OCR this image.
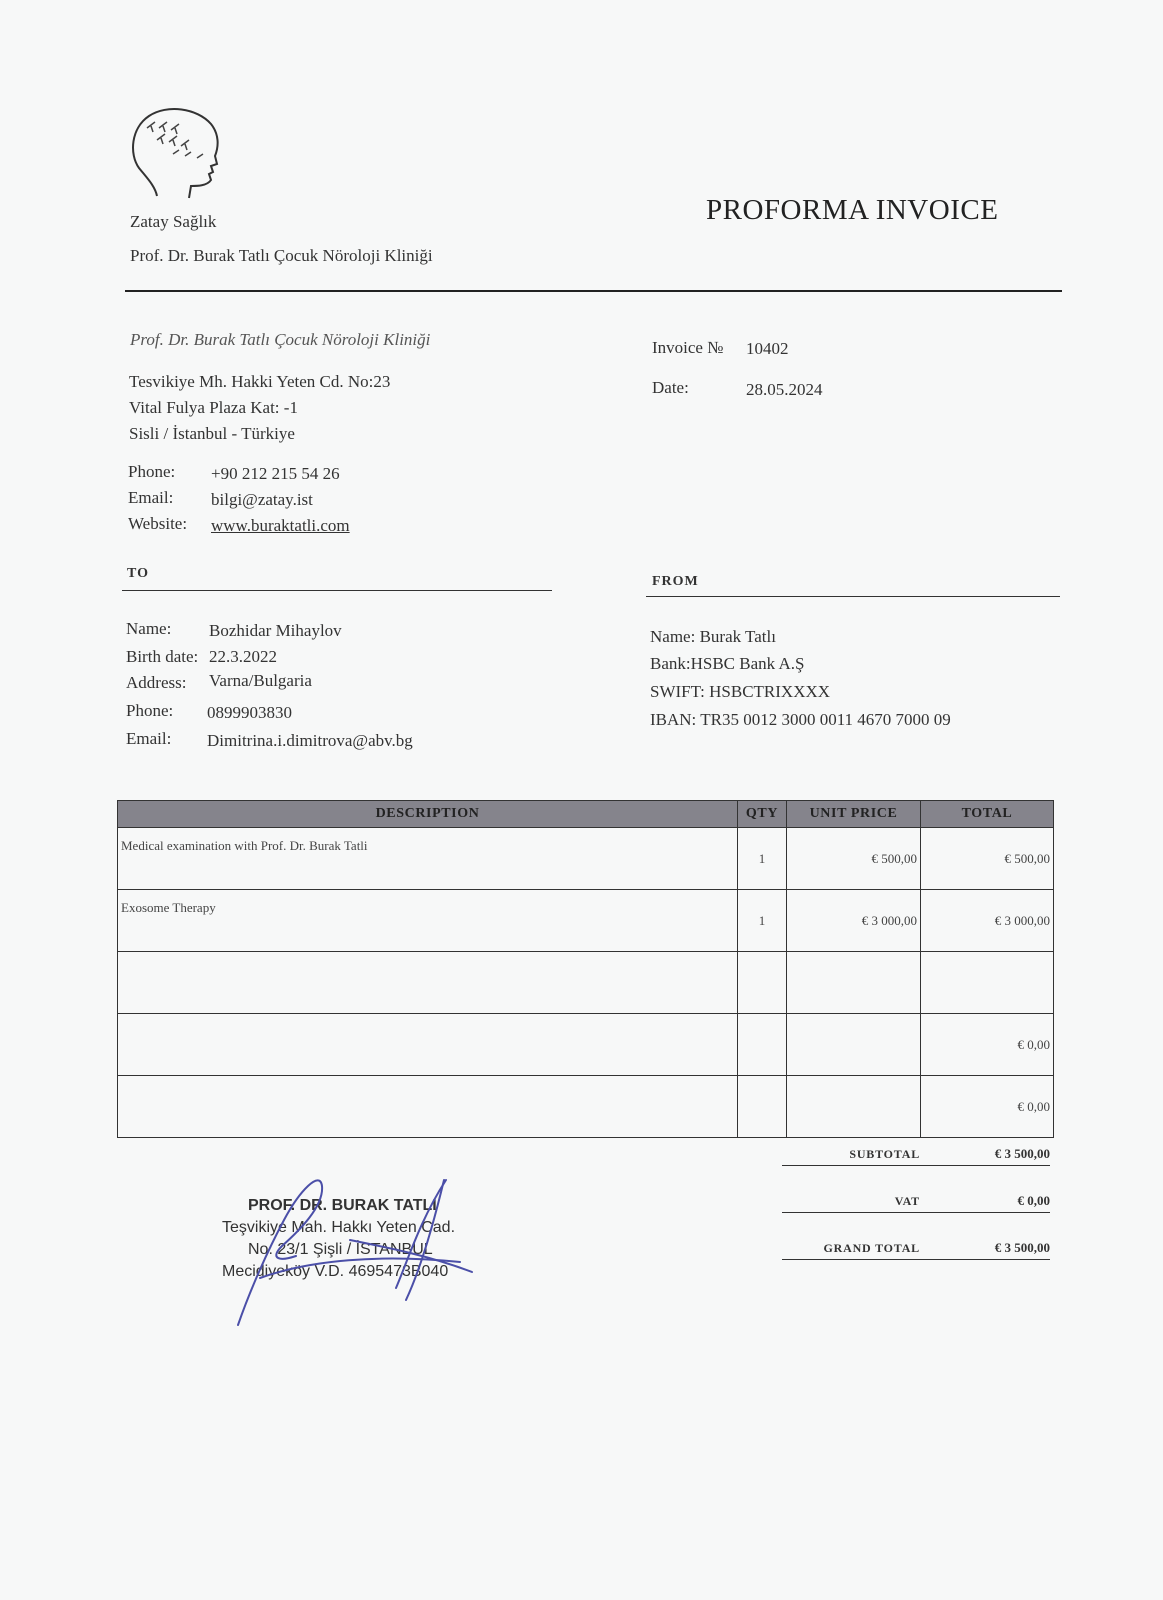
Zatay Sağlık
Prof. Dr. Burak Tatlı Çocuk Nöroloji Kliniği
PROFORMA INVOICE
Prof. Dr. Burak Tatlı Çocuk Nöroloji Kliniği
Tesvikiye Mh. Hakki Yeten Cd. No:23
Vital Fulya Plaza Kat: -1
Sisli / İstanbul - Türkiye
Phone: +90 212 215 54 26
Email: bilgi@zatay.ist
Website: www.buraktatli.com
Invoice № 10402
Date:	28.05.2024
TO
Name: Bozhidar Mihaylov
Birth date: 22.3.2022
Address: Varna/Bulgaria
Phone: 0899903830
Email: Dimitrina.i.dimitrova@abv.bg
FROM
Name: Burak Tatlı
Bank:HSBC Bank A.Ş
SWIFT: HSBCTRIXXXX
IBAN: TR35 0012 3000 0011 4670 7000 09
DESCRIPTION	QTY	UNIT PRICE	TOTAL
Medical examination with Prof. Dr. Burak Tatli	1	€ 500,00	€ 500,00
Exosome Therapy	1	€ 3 000,00	€ 3 000,00

			€ 0,00
			€ 0,00
SUBTOTAL	€ 3 500,00
VAT	€ 0,00
GRAND TOTAL	€ 3 500,00
PROF. DR. BURAK TATLI
Teşvikiye Mah. Hakkı Yeten Cad.
No: 23/1 Şişli / İSTANBUL
Mecidiyeköy V.D. 4695473B040
